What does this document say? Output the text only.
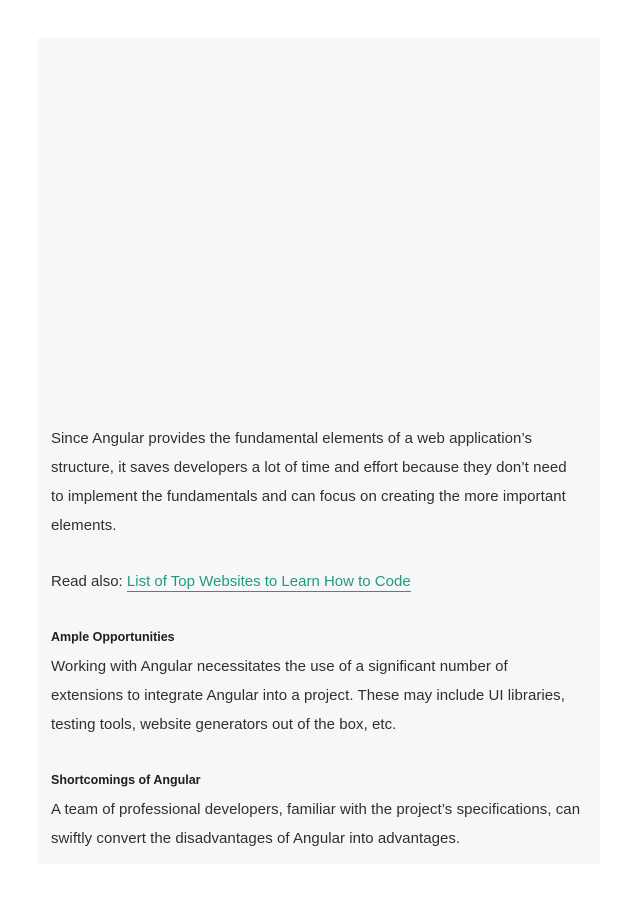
Since Angular provides the fundamental elements of a web application’s structure, it saves developers a lot of time and effort because they don’t need to implement the fundamentals and can focus on creating the more important elements.

Read also: List of Top Websites to Learn How to Code
Ample Opportunities

Working with Angular necessitates the use of a significant number of extensions to integrate Angular into a project. These may include UI libraries, testing tools, website generators out of the box, etc.

Shortcomings of Angular

A team of professional developers, familiar with the project’s specifications, can swiftly convert the disadvantages of Angular into advantages.
